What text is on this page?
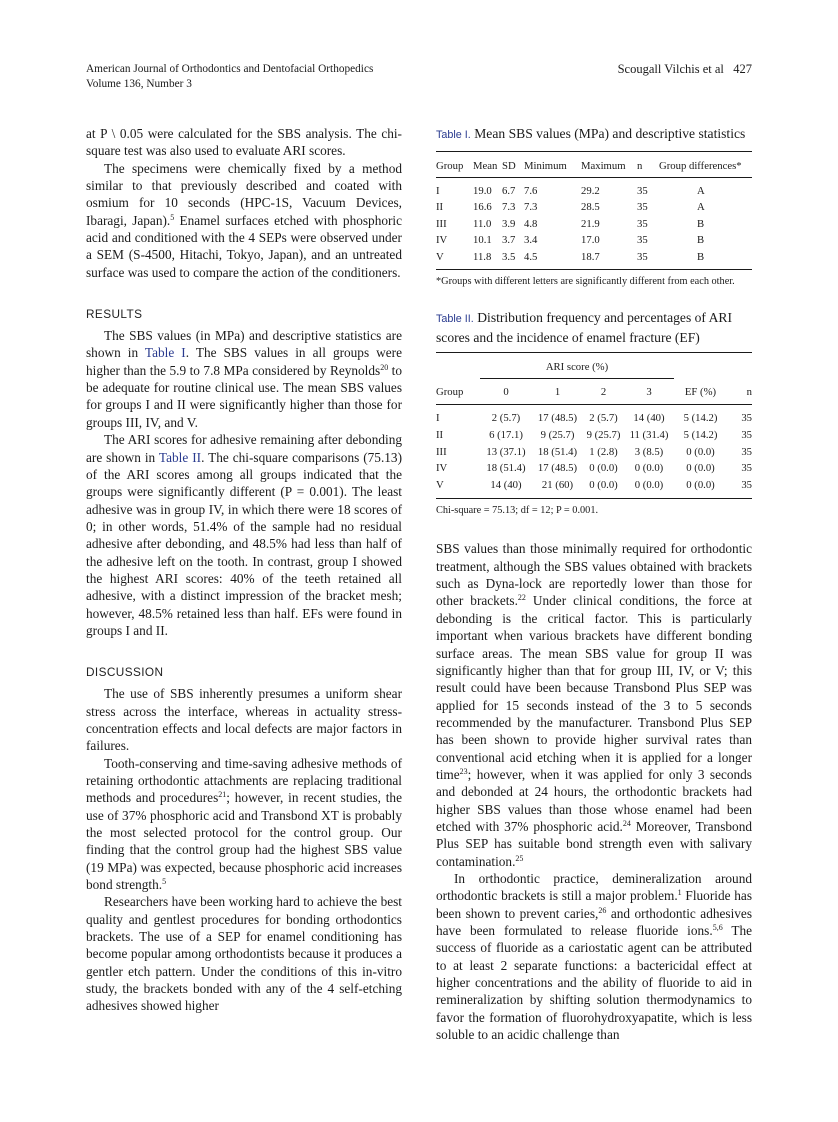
American Journal of Orthodontics and Dentofacial Orthopedics
Volume 136, Number 3
Scougall Vilchis et al 427

at P \ 0.05 were calculated for the SBS analysis. The chi-square test was also used to evaluate ARI scores.

The specimens were chemically fixed by a method similar to that previously described and coated with osmium for 10 seconds (HPC-1S, Vacuum Devices, Ibaragi, Japan).$^5$ Enamel surfaces etched with phosphoric acid and conditioned with the 4 SEPs were observed under a SEM (S-4500, Hitachi, Tokyo, Japan), and an untreated surface was used to compare the action of the conditioners.

RESULTS

The SBS values (in MPa) and descriptive statistics are shown in Table I. The SBS values in all groups were higher than the 5.9 to 7.8 MPa considered by Reynolds$^{20}$ to be adequate for routine clinical use. The mean SBS values for groups I and II were significantly higher than those for groups III, IV, and V.

The ARI scores for adhesive remaining after debonding are shown in Table II. The chi-square comparisons (75.13) of the ARI scores among all groups indicated that the groups were significantly different (P = 0.001). The least adhesive was in group IV, in which there were 18 scores of 0; in other words, 51.4% of the sample had no residual adhesive after debonding, and 48.5% had less than half of the adhesive left on the tooth. In contrast, group I showed the highest ARI scores: 40% of the teeth retained all adhesive, with a distinct impression of the bracket mesh; however, 48.5% retained less than half. EFs were found in groups I and II.

DISCUSSION

The use of SBS inherently presumes a uniform shear stress across the interface, whereas in actuality stress-concentration effects and local defects are major factors in failures.

Tooth-conserving and time-saving adhesive methods of retaining orthodontic attachments are replacing traditional methods and procedures$^{21}$; however, in recent studies, the use of 37% phosphoric acid and Transbond XT is probably the most selected protocol for the control group. Our finding that the control group had the highest SBS value (19 MPa) was expected, because phosphoric acid increases bond strength.$^5$

Researchers have been working hard to achieve the best quality and gentlest procedures for bonding orthodontics brackets. The use of a SEP for enamel conditioning has become popular among orthodontists because it produces a gentler etch pattern. Under the conditions of this in-vitro study, the brackets bonded with any of the 4 self-etching adhesives showed higher

Table I. Mean SBS values (MPa) and descriptive statistics

Group	Mean	SD	Minimum	Maximum	n	Group differences*
I	19.0	6.7	7.6	29.2	35	A
II	16.6	7.3	7.3	28.5	35	A
III	11.0	3.9	4.8	21.9	35	B
IV	10.1	3.7	3.4	17.0	35	B
V	11.8	3.5	4.5	18.7	35	B

*Groups with different letters are significantly different from each other.

Table II. Distribution frequency and percentages of ARI scores and the incidence of enamel fracture (EF)

	ARI score (%)					
Group	0	1	2	3	EF (%)	n
I	2 (5.7)	17 (48.5)	2 (5.7)	14 (40)	5 (14.2)	35
II	6 (17.1)	9 (25.7)	9 (25.7)	11 (31.4)	5 (14.2)	35
III	13 (37.1)	18 (51.4)	1 (2.8)	3 (8.5)	0 (0.0)	35
IV	18 (51.4)	17 (48.5)	0 (0.0)	0 (0.0)	0 (0.0)	35
V	14 (40)	21 (60)	0 (0.0)	0 (0.0)	0 (0.0)	35

Chi-square = 75.13; df = 12; P = 0.001.

SBS values than those minimally required for orthodontic treatment, although the SBS values obtained with brackets such as Dyna-lock are reportedly lower than those for other brackets.$^{22}$ Under clinical conditions, the force at debonding is the critical factor. This is particularly important when various brackets have different bonding surface areas. The mean SBS value for group II was significantly higher than that for group III, IV, or V; this result could have been because Transbond Plus SEP was applied for 15 seconds instead of the 3 to 5 seconds recommended by the manufacturer. Transbond Plus SEP has been shown to provide higher survival rates than conventional acid etching when it is applied for a longer time$^{23}$; however, when it was applied for only 3 seconds and debonded at 24 hours, the orthodontic brackets had higher SBS values than those whose enamel had been etched with 37% phosphoric acid.$^{24}$ Moreover, Transbond Plus SEP has suitable bond strength even with salivary contamination.$^{25}$

In orthodontic practice, demineralization around orthodontic brackets is still a major problem.$^1$ Fluoride has been shown to prevent caries,$^{26}$ and orthodontic adhesives have been formulated to release fluoride ions.$^{5,6}$ The success of fluoride as a cariostatic agent can be attributed to at least 2 separate functions: a bactericidal effect at higher concentrations and the ability of fluoride to aid in remineralization by shifting solution thermodynamics to favor the formation of fluorohydroxyapatite, which is less soluble to an acidic challenge than
